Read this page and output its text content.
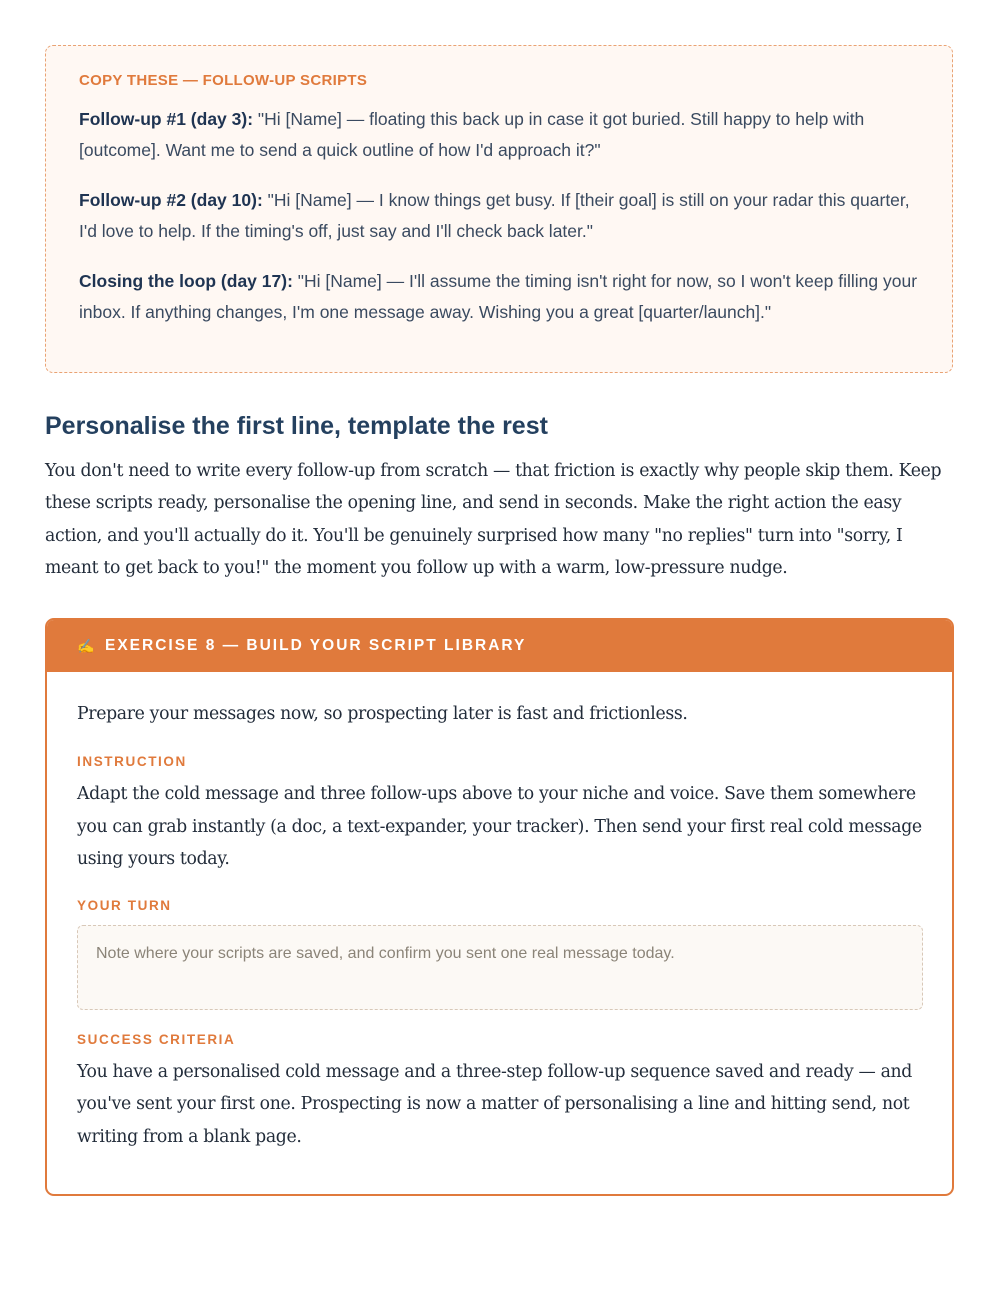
COPY THESE — FOLLOW-UP SCRIPTS

Follow-up #1 (day 3): "Hi [Name] — floating this back up in case it got buried. Still happy to help with [outcome]. Want me to send a quick outline of how I'd approach it?"

Follow-up #2 (day 10): "Hi [Name] — I know things get busy. If [their goal] is still on your radar this quarter, I'd love to help. If the timing's off, just say and I'll check back later."

Closing the loop (day 17): "Hi [Name] — I'll assume the timing isn't right for now, so I won't keep filling your inbox. If anything changes, I'm one message away. Wishing you a great [quarter/launch]."

Personalise the first line, template the rest

You don't need to write every follow-up from scratch — that friction is exactly why people skip them. Keep these scripts ready, personalise the opening line, and send in seconds. Make the right action the easy action, and you'll actually do it. You'll be genuinely surprised how many "no replies" turn into "sorry, I meant to get back to you!" the moment you follow up with a warm, low-pressure nudge.

✍ EXERCISE 8 — BUILD YOUR SCRIPT LIBRARY

Prepare your messages now, so prospecting later is fast and frictionless.

INSTRUCTION

Adapt the cold message and three follow-ups above to your niche and voice. Save them somewhere you can grab instantly (a doc, a text-expander, your tracker). Then send your first real cold message using yours today.

YOUR TURN

Note where your scripts are saved, and confirm you sent one real message today.

SUCCESS CRITERIA

You have a personalised cold message and a three-step follow-up sequence saved and ready — and you've sent your first one. Prospecting is now a matter of personalising a line and hitting send, not writing from a blank page.
